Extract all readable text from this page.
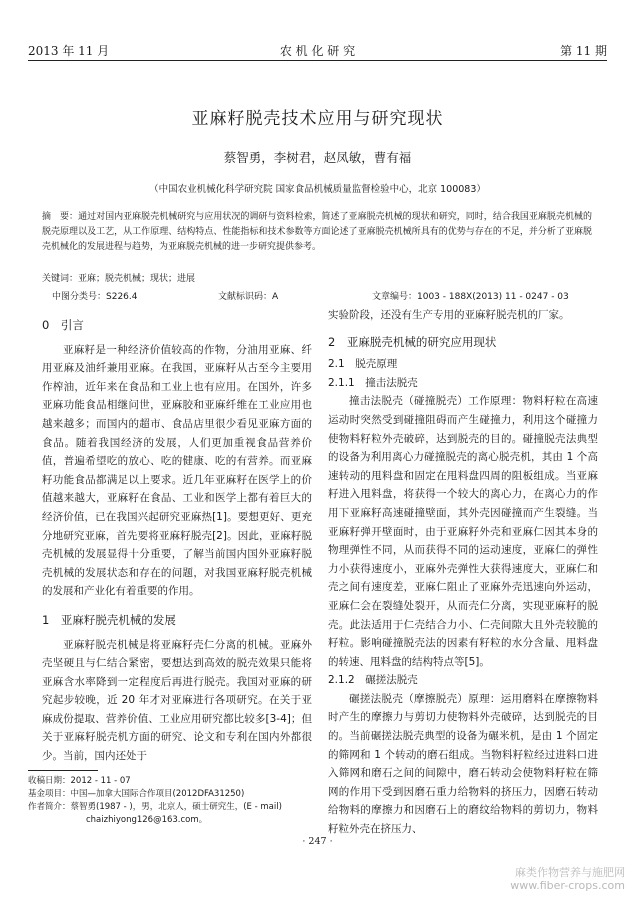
2013 年 11 月	农 机 化 研 究	第 11 期
亚麻籽脱壳技术应用与研究现状
蔡智勇，李树君，赵凤敏，曹有福
（中国农业机械化科学研究院 国家食品机械质量监督检验中心，北京 100083）
摘　要：通过对国内亚麻脱壳机械研究与应用状况的调研与资料检索，简述了亚麻脱壳机械的现状和研究，同时，结合我国亚麻脱壳机械的脱壳原理以及工艺，从工作原理、结构特点、性能指标和技术参数等方面论述了亚麻脱壳机械所具有的优势与存在的不足，并分析了亚麻脱壳机械化的发展进程与趋势，为亚麻脱壳机械的进一步研究提供参考。
关键词：亚麻；脱壳机械；现状；进展
中图分类号：S226.4	文献标识码：A	文章编号：1003 - 188X(2013) 11 - 0247 - 03
0　引言

亚麻籽是一种经济价值较高的作物，分油用亚麻、纤用亚麻及油纤兼用亚麻。在我国，亚麻籽从古至今主要用作榨油，近年来在食品和工业上也有应用。在国外，许多亚麻功能食品相继问世，亚麻胶和亚麻纤维在工业应用也越来越多；而国内的超市、食品店里很少看见亚麻方面的食品。随着我国经济的发展，人们更加重视食品营养价值，普遍希望吃的放心、吃的健康、吃的有营养。而亚麻籽功能食品都满足以上要求。近几年亚麻籽在医学上的价值越来越大，亚麻籽在食品、工业和医学上都有着巨大的经济价值，已在我国兴起研究亚麻热[1]。要想更好、更充分地研究亚麻，首先要将亚麻籽脱壳[2]。因此，亚麻籽脱壳机械的发展显得十分重要，了解当前国内国外亚麻籽脱壳机械的发展状态和存在的问题，对我国亚麻籽脱壳机械的发展和产业化有着重要的作用。

1　亚麻籽脱壳机械的发展

亚麻籽脱壳机械是将亚麻籽壳仁分离的机械。亚麻外壳坚硬且与仁结合紧密，要想达到高效的脱壳效果只能将亚麻含水率降到一定程度后再进行脱壳。我国对亚麻的研究起步较晚，近 20 年才对亚麻进行各项研究。在关于亚麻成份提取、营养价值、工业应用研究都比较多[3-4]；但关于亚麻籽脱壳机方面的研究、论文和专利在国内外都很少。当前，国内还处于

收稿日期：2012 - 11 - 07
基金项目：中国—加拿大国际合作项目(2012DFA31250)
作者简介：蔡智勇(1987 - )，男，北京人，硕士研究生，(E - mail)
chaizhiyong126@163.com。

实验阶段，还没有生产专用的亚麻籽脱壳机的厂家。

2　亚麻脱壳机械的研究应用现状
2.1　脱壳原理
2.1.1　撞击法脱壳

撞击法脱壳（碰撞脱壳）工作原理：物料籽粒在高速运动时突然受到碰撞阻碍而产生碰撞力，利用这个碰撞力使物料籽粒外壳破碎，达到脱壳的目的。碰撞脱壳法典型的设备为利用离心力碰撞脱壳的离心脱壳机，其由 1 个高速转动的甩料盘和固定在甩料盘四周的阻板组成。当亚麻籽进入甩料盘，将获得一个较大的离心力，在离心力的作用下亚麻籽高速碰撞壁面，其外壳因碰撞而产生裂缝。当亚麻籽弹开壁面时，由于亚麻籽外壳和亚麻仁因其本身的物理弹性不同，从而获得不同的运动速度，亚麻仁的弹性力小获得速度小，亚麻外壳弹性大获得速度大，亚麻仁和壳之间有速度差，亚麻仁阻止了亚麻外壳迅速向外运动，亚麻仁会在裂缝处裂开，从而壳仁分离，实现亚麻籽的脱壳。此法适用于仁壳结合力小、仁壳间隙大且外壳较脆的籽粒。影响碰撞脱壳法的因素有籽粒的水分含量、甩料盘的转速、甩料盘的结构特点等[5]。

2.1.2　碾搓法脱壳

碾搓法脱壳（摩擦脱壳）原理：运用磨料在摩擦物料时产生的摩擦力与剪切力使物料外壳破碎，达到脱壳的目的。当前碾搓法脱壳典型的设备为碾米机，是由 1 个固定的筛网和 1 个转动的磨石组成。当物料籽粒经过进料口进入筛网和磨石之间的间隙中，磨石转动会使物料籽粒在筛网的作用下受到因磨石重力给物料的挤压力，因磨石转动给物料的摩擦力和因磨石上的磨纹给物料的剪切力，物料籽粒外壳在挤压力、

· 247 ·
麻类作物营养与施肥网
www.fiber-crops.com
